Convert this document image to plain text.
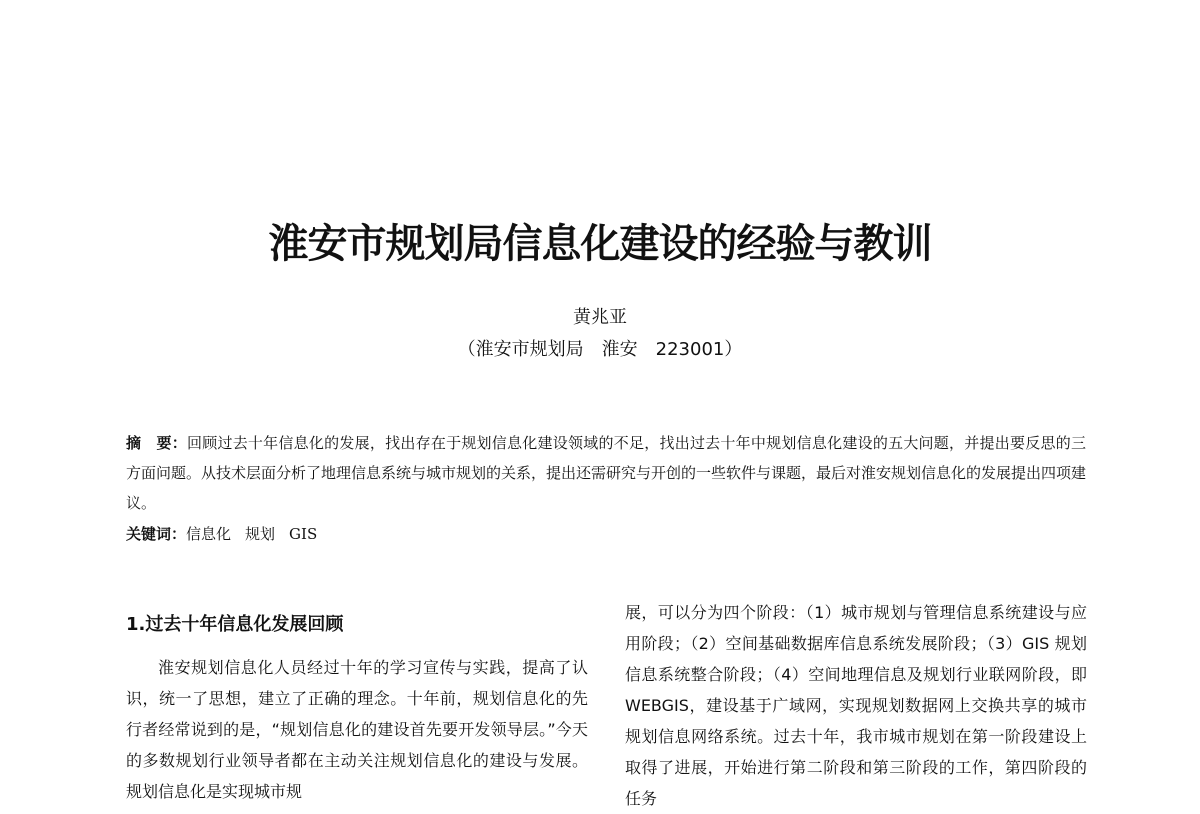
淮安市规划局信息化建设的经验与教训
黄兆亚
（淮安市规划局　淮安　223001）
摘　要：回顾过去十年信息化的发展，找出存在于规划信息化建设领域的不足，找出过去十年中规划信息化建设的五大问题，并提出要反思的三方面问题。从技术层面分析了地理信息系统与城市规划的关系，提出还需研究与开创的一些软件与课题，最后对淮安规划信息化的发展提出四项建议。
关键词：信息化 规划 GIS
1.过去十年信息化发展回顾

淮安规划信息化人员经过十年的学习宣传与实践，提高了认识，统一了思想，建立了正确的理念。十年前，规划信息化的先行者经常说到的是，“规划信息化的建设首先要开发领导层。”今天的多数规划行业领导者都在主动关注规划信息化的建设与发展。规划信息化是实现城市规

展，可以分为四个阶段：（1）城市规划与管理信息系统建设与应用阶段；（2）空间基础数据库信息系统发展阶段；（3）GIS 规划信息系统整合阶段；（4）空间地理信息及规划行业联网阶段，即 WEBGIS，建设基于广域网，实现规划数据网上交换共享的城市规划信息网络系统。过去十年，我市城市规划在第一阶段建设上取得了进展，开始进行第二阶段和第三阶段的工作，第四阶段的任务
